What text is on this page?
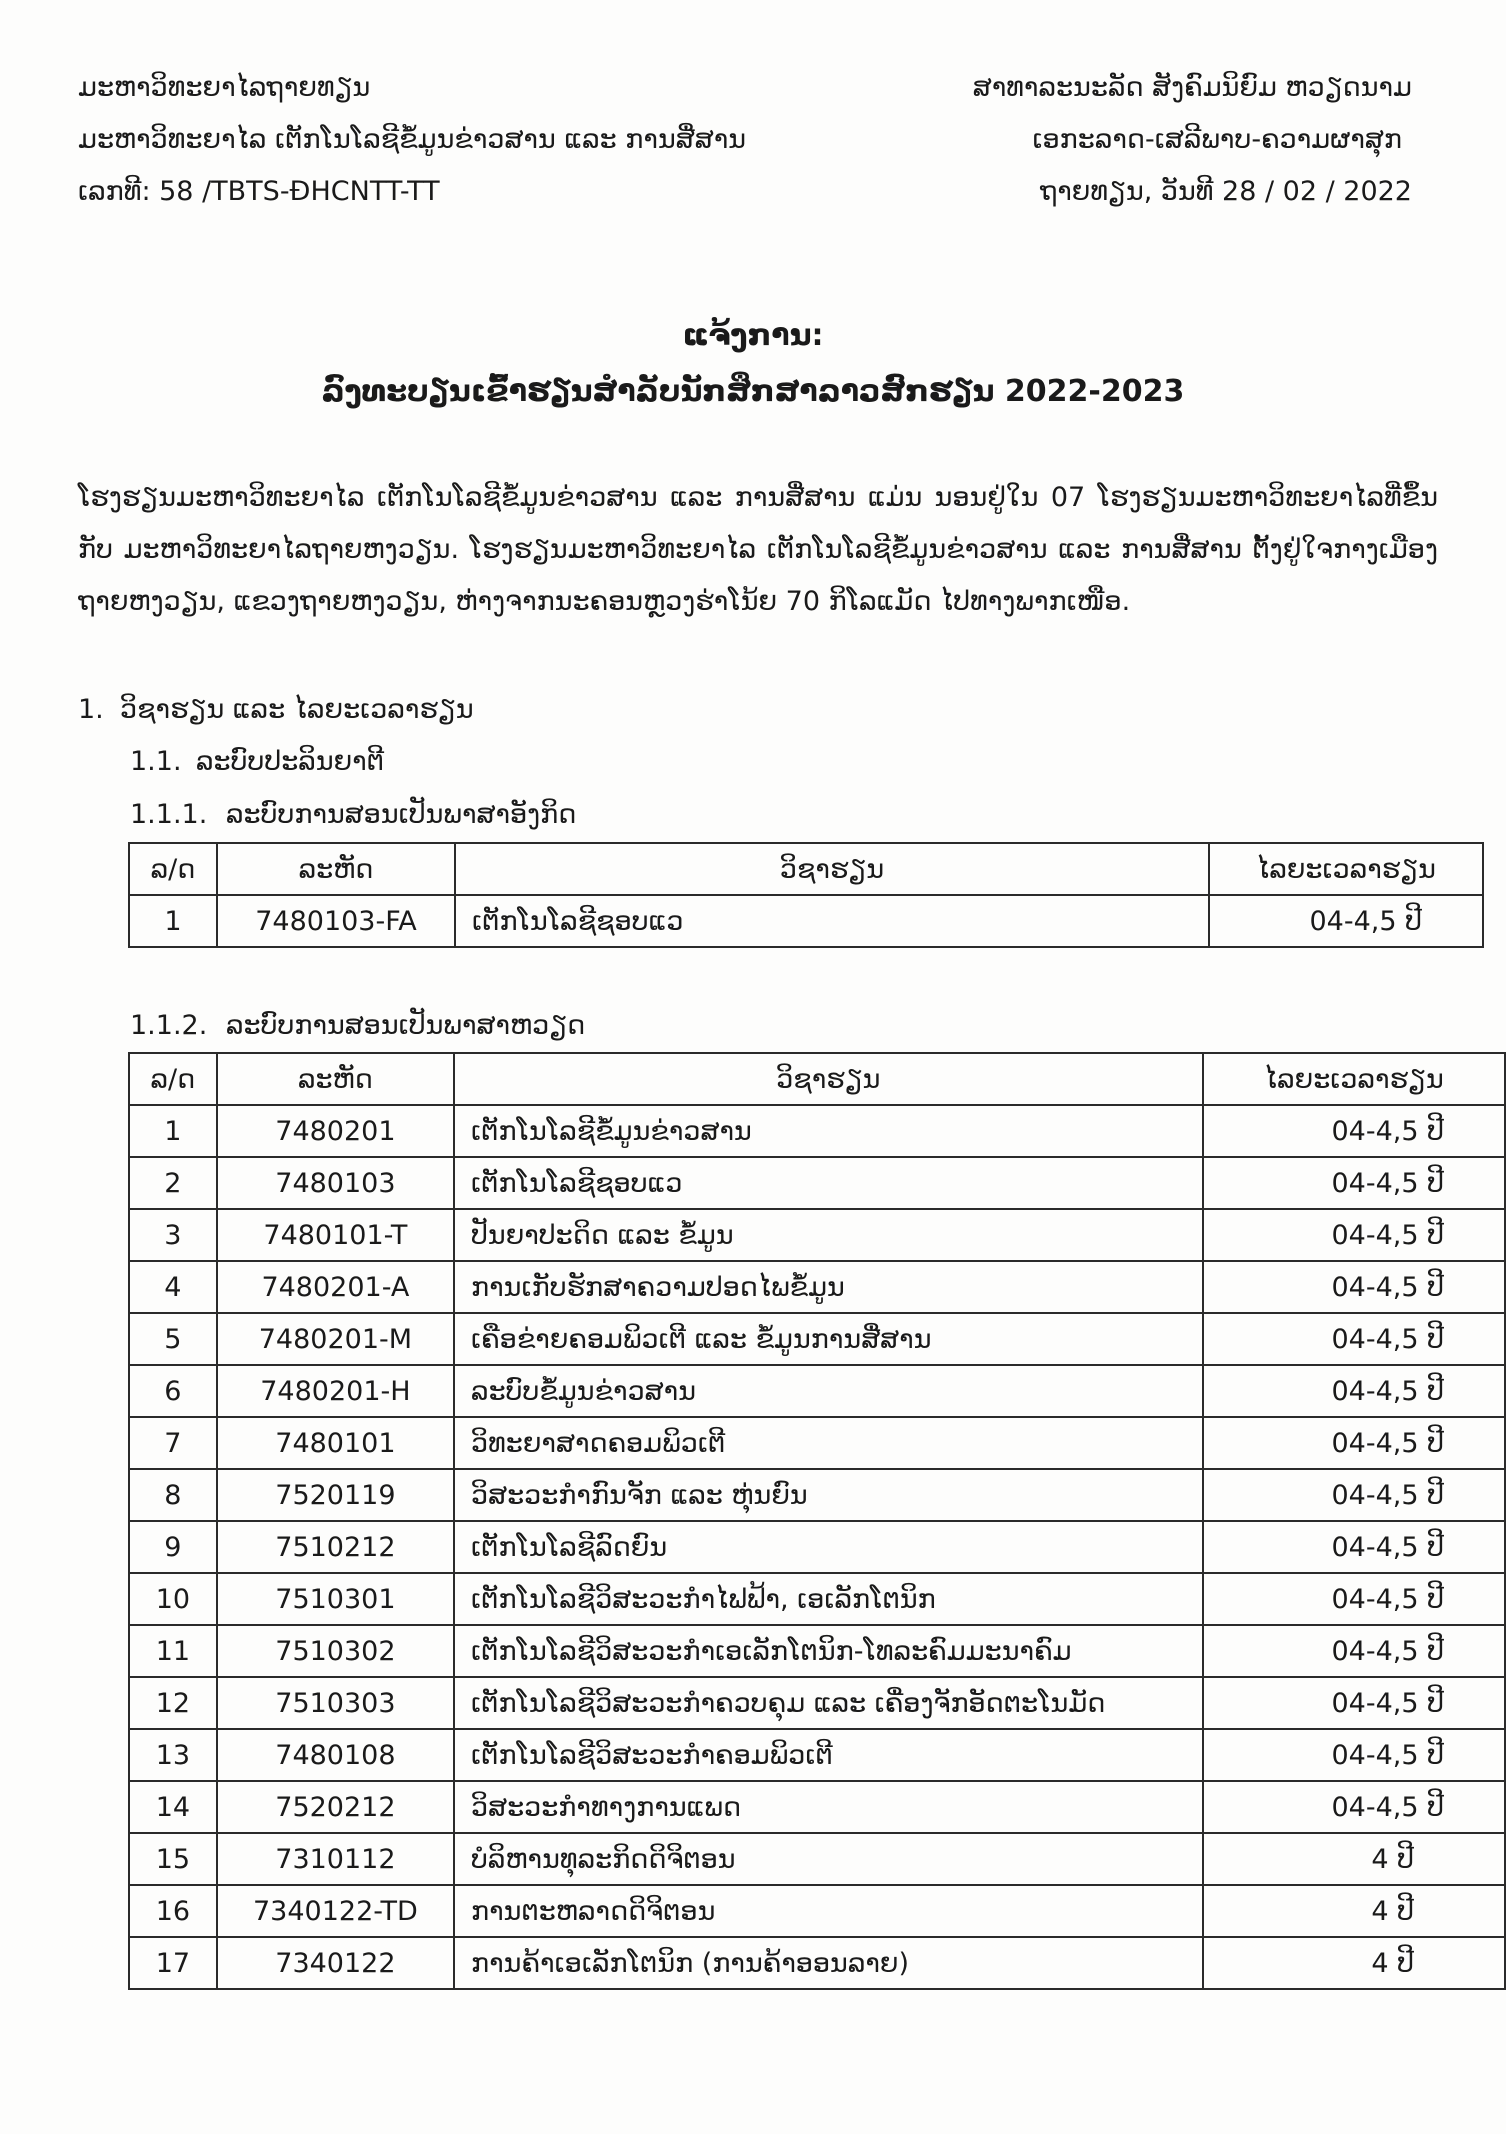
ມະຫາວິທະຍາໄລຖາຍທຽນ
ມະຫາວິທະຍາໄລ ເຕັກໂນໂລຊີຂໍ້ມູນຂ່າວສານ ແລະ ການສື່ສານ
ເລກທີ: 58 /TBTS-ĐHCNTT-TT
ສາທາລະນະລັດ ສັງຄົມນິຍົມ ຫວຽດນາມ
ເອກະລາດ-ເສລີພາບ-ຄວາມຜາສຸກ
ຖາຍທຽນ, ວັນທີ 28 / 02 / 2022
ແຈ້ງການ:
ລົງທະບຽນເຂົ້າຮຽນສຳລັບນັກສຶກສາລາວສົກຮຽນ 2022-2023
ໂຮງຮຽນມະຫາວິທະຍາໄລ ເຕັກໂນໂລຊີຂໍ້ມູນຂ່າວສານ ແລະ ການສື່ສານ ແມ່ນ ນອນຢູ່ໃນ 07 ໂຮງຮຽນມະຫາວິທະຍາໄລທີ່ຂຶ້ນກັບ ມະຫາວິທະຍາໄລຖາຍຫງວຽນ. ໂຮງຮຽນມະຫາວິທະຍາໄລ ເຕັກໂນໂລຊີຂໍ້ມູນຂ່າວສານ ແລະ ການສື່ສານ ຕັ້ງຢູ່ໃຈກາງເມືອງ ຖາຍຫງວຽນ, ແຂວງຖາຍຫງວຽນ, ຫ່າງຈາກນະຄອນຫຼວງຮ່າໂນ້ຍ 70 ກິໂລແມັດ ໄປທາງພາກເໜືອ.
1. ວິຊາຮຽນ ແລະ ໄລຍະເວລາຮຽນ
1.1. ລະບົບປະລິນຍາຕີ
1.1.1. ລະບົບການສອນເປັນພາສາອັງກິດ
ລ/ດ	ລະຫັດ	ວິຊາຮຽນ	ໄລຍະເວລາຮຽນ
1	7480103-FA	ເຕັກໂນໂລຊີຊອບແວ	04-4,5 ປີ
1.1.2. ລະບົບການສອນເປັນພາສາຫວຽດ
ລ/ດ	ລະຫັດ	ວິຊາຮຽນ	ໄລຍະເວລາຮຽນ
1	7480201	ເຕັກໂນໂລຊີຂໍ້ມູນຂ່າວສານ	04-4,5 ປີ
2	7480103	ເຕັກໂນໂລຊີຊອບແວ	04-4,5 ປີ
3	7480101-T	ປັນຍາປະດິດ ແລະ ຂໍ້ມູນ	04-4,5 ປີ
4	7480201-A	ການເກັບຮັກສາຄວາມປອດໄພຂໍ້ມູນ	04-4,5 ປີ
5	7480201-M	ເຄືອຂ່າຍຄອມພິວເຕີ ແລະ ຂໍ້ມູນການສື່ສານ	04-4,5 ປີ
6	7480201-H	ລະບົບຂໍ້ມູນຂ່າວສານ	04-4,5 ປີ
7	7480101	ວິທະຍາສາດຄອມພິວເຕີ	04-4,5 ປີ
8	7520119	ວິສະວະກຳກົນຈັກ ແລະ ຫຸ່ນຍົນ	04-4,5 ປີ
9	7510212	ເຕັກໂນໂລຊີລົດຍົນ	04-4,5 ປີ
10	7510301	ເຕັກໂນໂລຊີວິສະວະກຳໄຟຟ້າ, ເອເລັກໂຕນິກ	04-4,5 ປີ
11	7510302	ເຕັກໂນໂລຊີວິສະວະກຳເອເລັກໂຕນິກ-ໂທລະຄົມມະນາຄົມ	04-4,5 ປີ
12	7510303	ເຕັກໂນໂລຊີວິສະວະກຳຄວບຄຸມ ແລະ ເຄື່ອງຈັກອັດຕະໂນມັດ	04-4,5 ປີ
13	7480108	ເຕັກໂນໂລຊີວິສະວະກຳຄອມພິວເຕີ	04-4,5 ປີ
14	7520212	ວິສະວະກຳທາງການແພດ	04-4,5 ປີ
15	7310112	ບໍລິຫານທຸລະກິດດິຈິຕອນ	4 ປີ
16	7340122-TD	ການຕະຫລາດດິຈິຕອນ	4 ປີ
17	7340122	ການຄ້າເອເລັກໂຕນິກ (ການຄ້າອອນລາຍ)	4 ປີ
